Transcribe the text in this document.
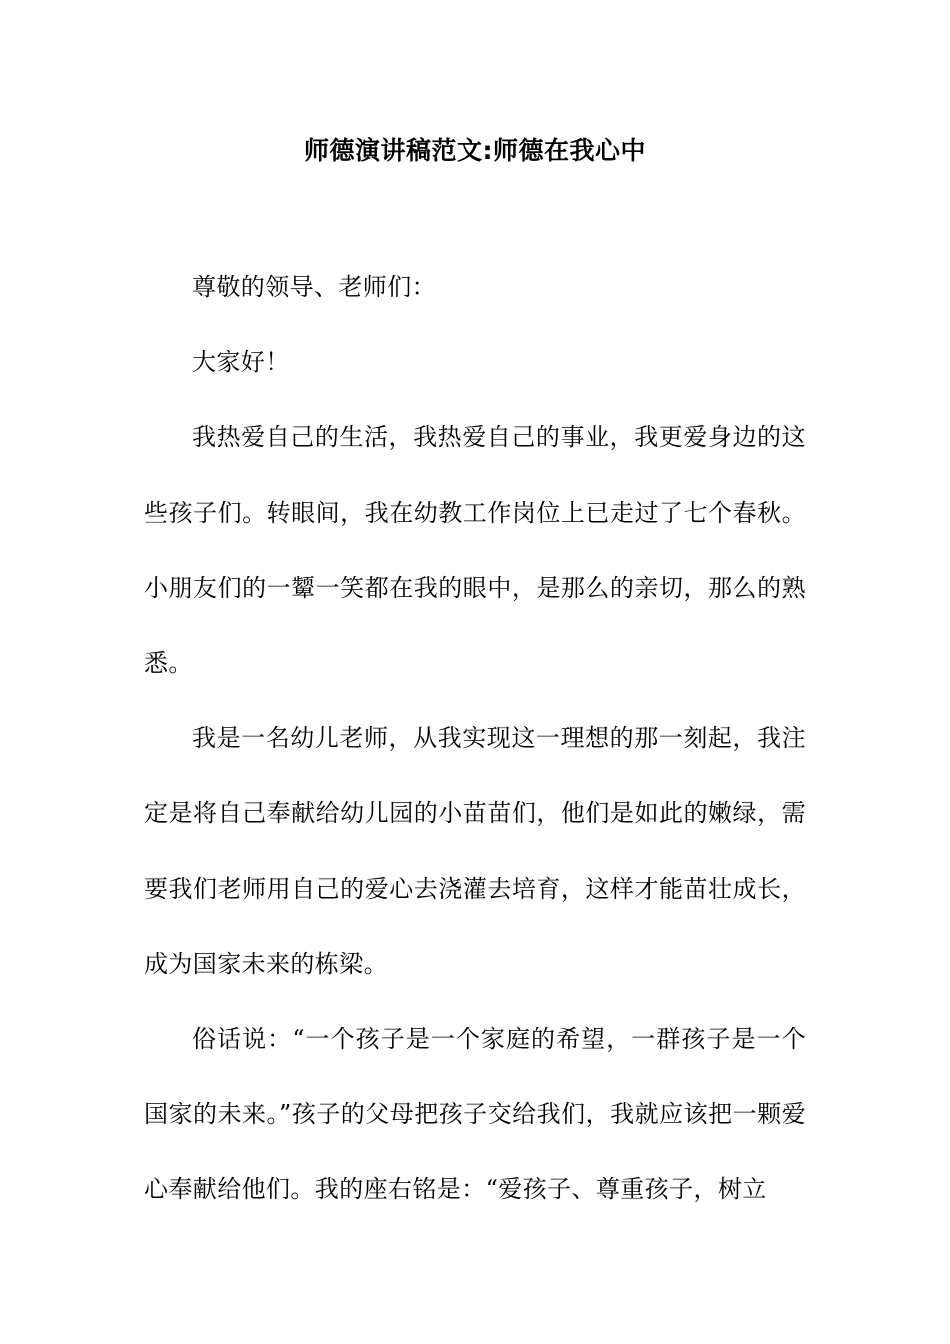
师德演讲稿范文:师德在我心中

尊敬的领导、老师们：

大家好！

我热爱自己的生活，我热爱自己的事业，我更爱身边的这些孩子们。转眼间，我在幼教工作岗位上已走过了七个春秋。小朋友们的一颦一笑都在我的眼中，是那么的亲切，那么的熟悉。

我是一名幼儿老师，从我实现这一理想的那一刻起，我注定是将自己奉献给幼儿园的小苗苗们，他们是如此的嫩绿，需要我们老师用自己的爱心去浇灌去培育，这样才能苗壮成长，成为国家未来的栋梁。

俗话说：“一个孩子是一个家庭的希望，一群孩子是一个国家的未来。”孩子的父母把孩子交给我们，我就应该把一颗爱心奉献给他们。我的座右铭是：“爱孩子、尊重孩子，树立
